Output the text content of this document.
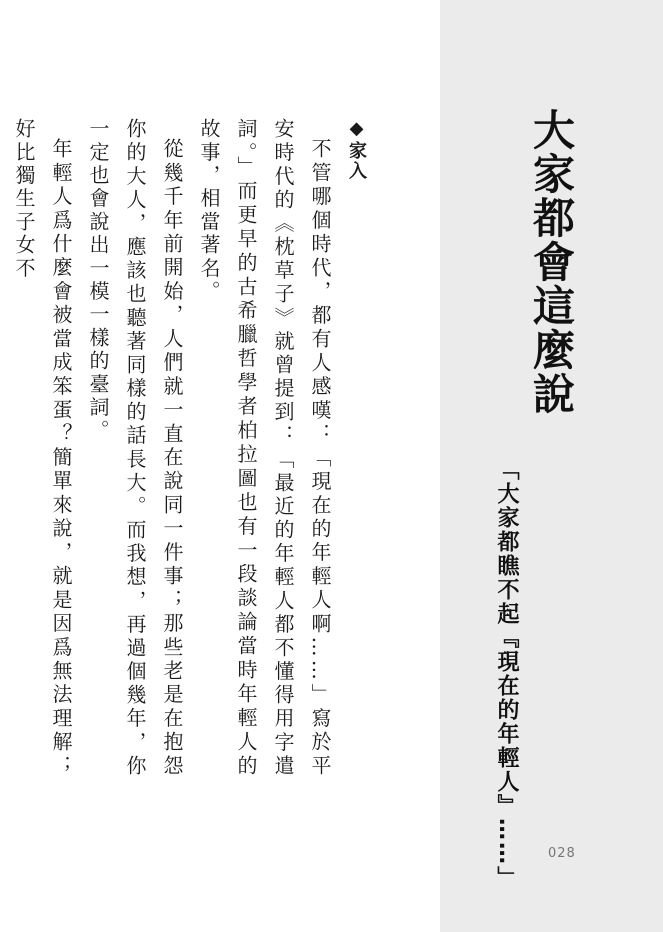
◆家入
不管哪個時代，都有人感嘆：「現在的年輕人啊……」寫於平安時代的《枕草子》就曾提到：「最近的年輕人都不懂得用字遣詞。」而更早的古希臘哲學者柏拉圖也有一段談論當時年輕人的故事，相當著名。
從幾千年前開始，人們就一直在說同一件事；那些老是在抱怨你的大人，應該也聽著同樣的話長大。而我想，再過個幾年，你一定也會說出一模一樣的臺詞。
年輕人爲什麼會被當成笨蛋？簡單來說，就是因爲無法理解；好比獨生子女不	大家都會這麼說
「大家都瞧不起『現在的年輕人』……」 028
